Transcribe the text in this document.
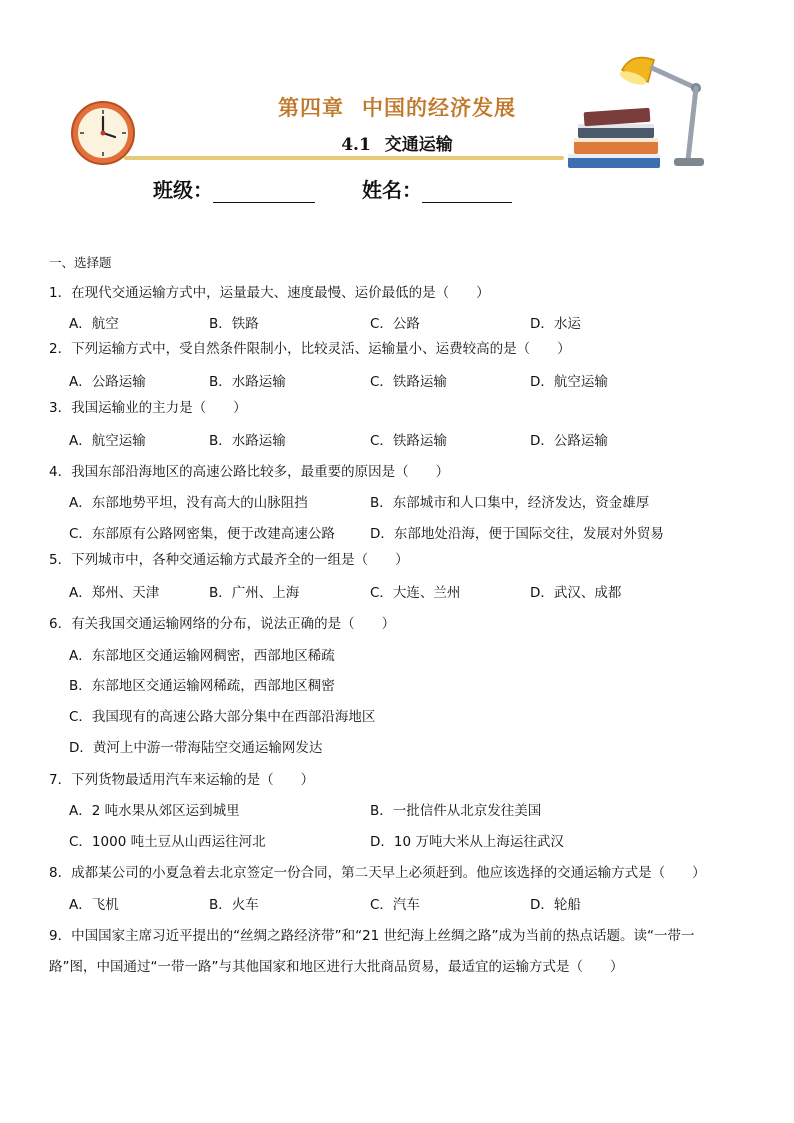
第四章 中国的经济发展
4.1 交通运输
班级：	姓名：
一、选择题
1．在现代交通运输方式中，运量最大、速度最慢、运价最低的是（　　）
A．航空	B．铁路	C．公路	D．水运
2．下列运输方式中，受自然条件限制小，比较灵活、运输量小、运费较高的是（　　）
A．公路运输	B．水路运输	C．铁路运输	D．航空运输
3．我国运输业的主力是（　　）
A．航空运输	B．水路运输	C．铁路运输	D．公路运输
4．我国东部沿海地区的高速公路比较多，最重要的原因是（　　）
A．东部地势平坦，没有高大的山脉阻挡	B．东部城市和人口集中，经济发达，资金雄厚
C．东部原有公路网密集，便于改建高速公路	D．东部地处沿海，便于国际交往，发展对外贸易
5．下列城市中，各种交通运输方式最齐全的一组是（　　）
A．郑州、天津	B．广州、上海	C．大连、兰州	D．武汉、成都
6．有关我国交通运输网络的分布，说法正确的是（　　）
A．东部地区交通运输网稠密，西部地区稀疏
B．东部地区交通运输网稀疏，西部地区稠密
C．我国现有的高速公路大部分集中在西部沿海地区
D．黄河上中游一带海陆空交通运输网发达
7．下列货物最适用汽车来运输的是（　　）
A．2 吨水果从郊区运到城里	B．一批信件从北京发往美国
C．1000 吨土豆从山西运往河北	D．10 万吨大米从上海运往武汉
8．成都某公司的小夏急着去北京签定一份合同，第二天早上必须赶到。他应该选择的交通运输方式是（　　）
A．飞机	B．火车	C．汽车	D．轮船
9．中国国家主席习近平提出的“丝绸之路经济带”和“21 世纪海上丝绸之路”成为当前的热点话题。读“一带一
路”图，中国通过“一带一路”与其他国家和地区进行大批商品贸易，最适宜的运输方式是（　　）
